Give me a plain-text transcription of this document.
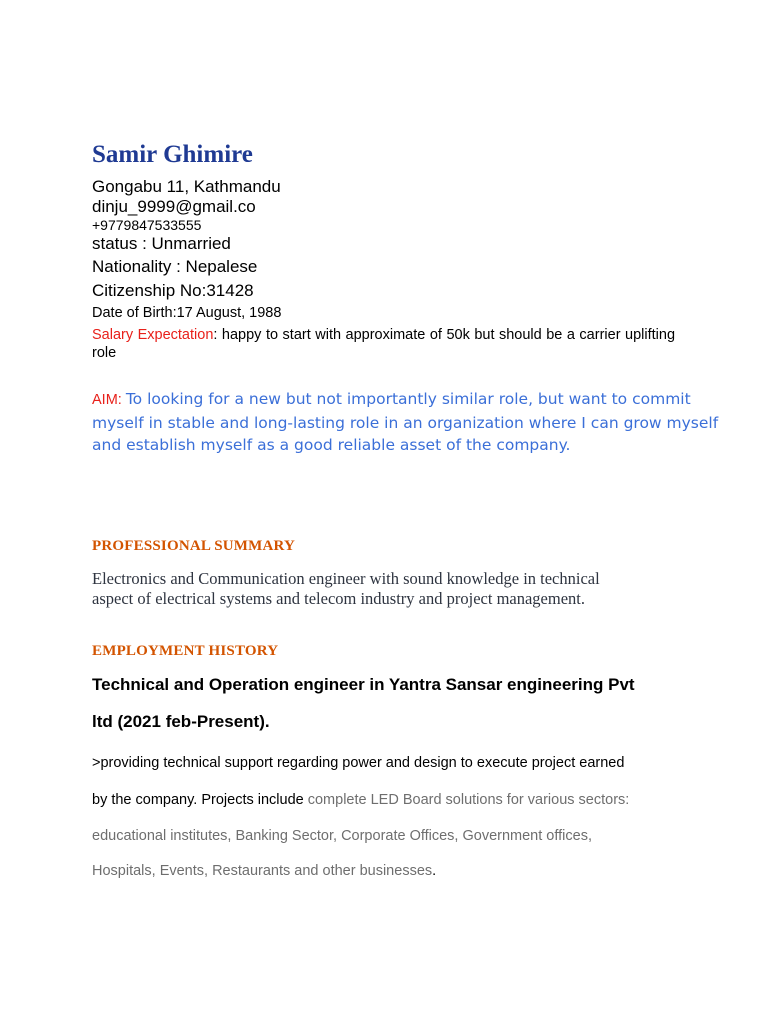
Samir Ghimire
Gongabu 11, Kathmandu
dinju_9999@gmail.co
+9779847533555
status : Unmarried
Nationality : Nepalese
Citizenship No:31428
Date of Birth:17 August, 1988
Salary Expectation: happy to start with approximate of 50k but should be a carrier uplifting role
AIM: To looking for a new but not importantly similar role, but want to commit
myself in stable and long-lasting role in an organization where I can grow myself
and establish myself as a good reliable asset of the company.
PROFESSIONAL SUMMARY
Electronics and Communication engineer with sound knowledge in technical
aspect of electrical systems and telecom industry and project management.
EMPLOYMENT HISTORY
Technical and Operation engineer in Yantra Sansar engineering Pvt
ltd (2021 feb-Present).
>providing technical support regarding power and design to execute project earned
by the company. Projects include complete LED Board solutions for various sectors:
educational institutes, Banking Sector, Corporate Offices, Government offices,
Hospitals, Events, Restaurants and other businesses.
